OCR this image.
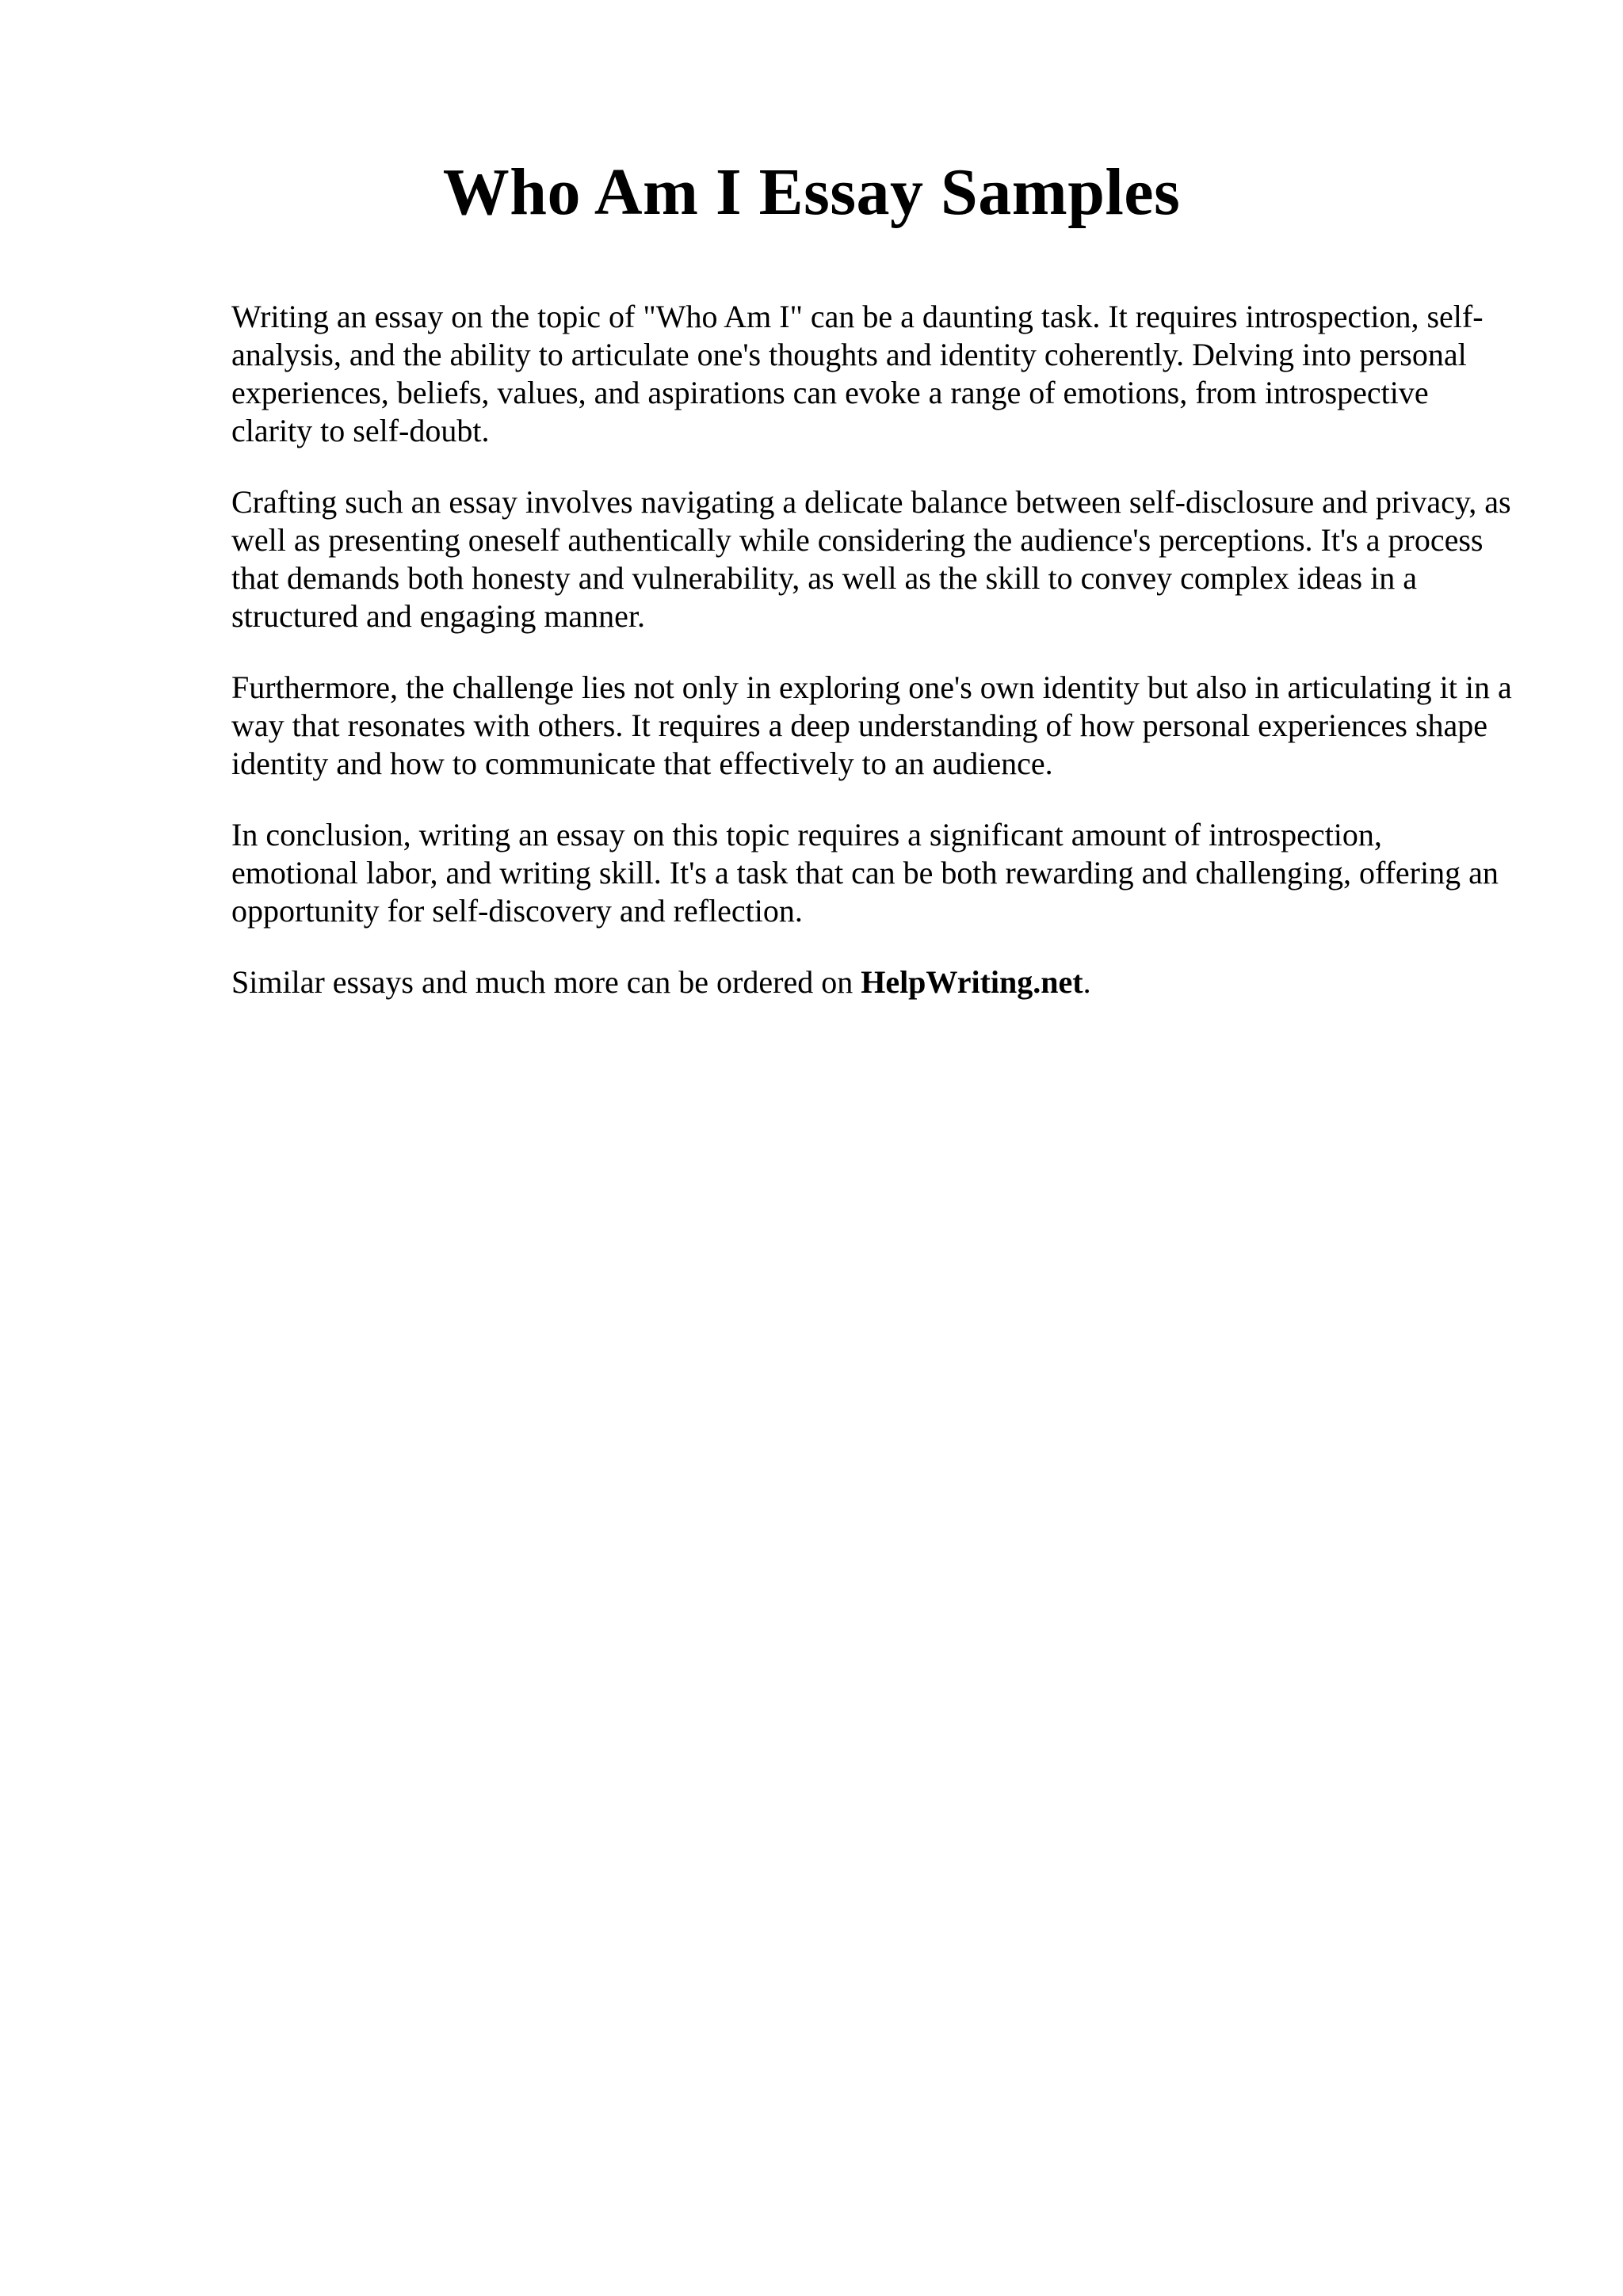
Who Am I Essay Samples

Writing an essay on the topic of "Who Am I" can be a daunting task. It requires introspection, self-analysis, and the ability to articulate one's thoughts and identity coherently. Delving into personal experiences, beliefs, values, and aspirations can evoke a range of emotions, from introspective clarity to self-doubt.

Crafting such an essay involves navigating a delicate balance between self-disclosure and privacy, as well as presenting oneself authentically while considering the audience's perceptions. It's a process that demands both honesty and vulnerability, as well as the skill to convey complex ideas in a structured and engaging manner.

Furthermore, the challenge lies not only in exploring one's own identity but also in articulating it in a way that resonates with others. It requires a deep understanding of how personal experiences shape identity and how to communicate that effectively to an audience.

In conclusion, writing an essay on this topic requires a significant amount of introspection, emotional labor, and writing skill. It's a task that can be both rewarding and challenging, offering an opportunity for self-discovery and reflection.

Similar essays and much more can be ordered on HelpWriting.net.
